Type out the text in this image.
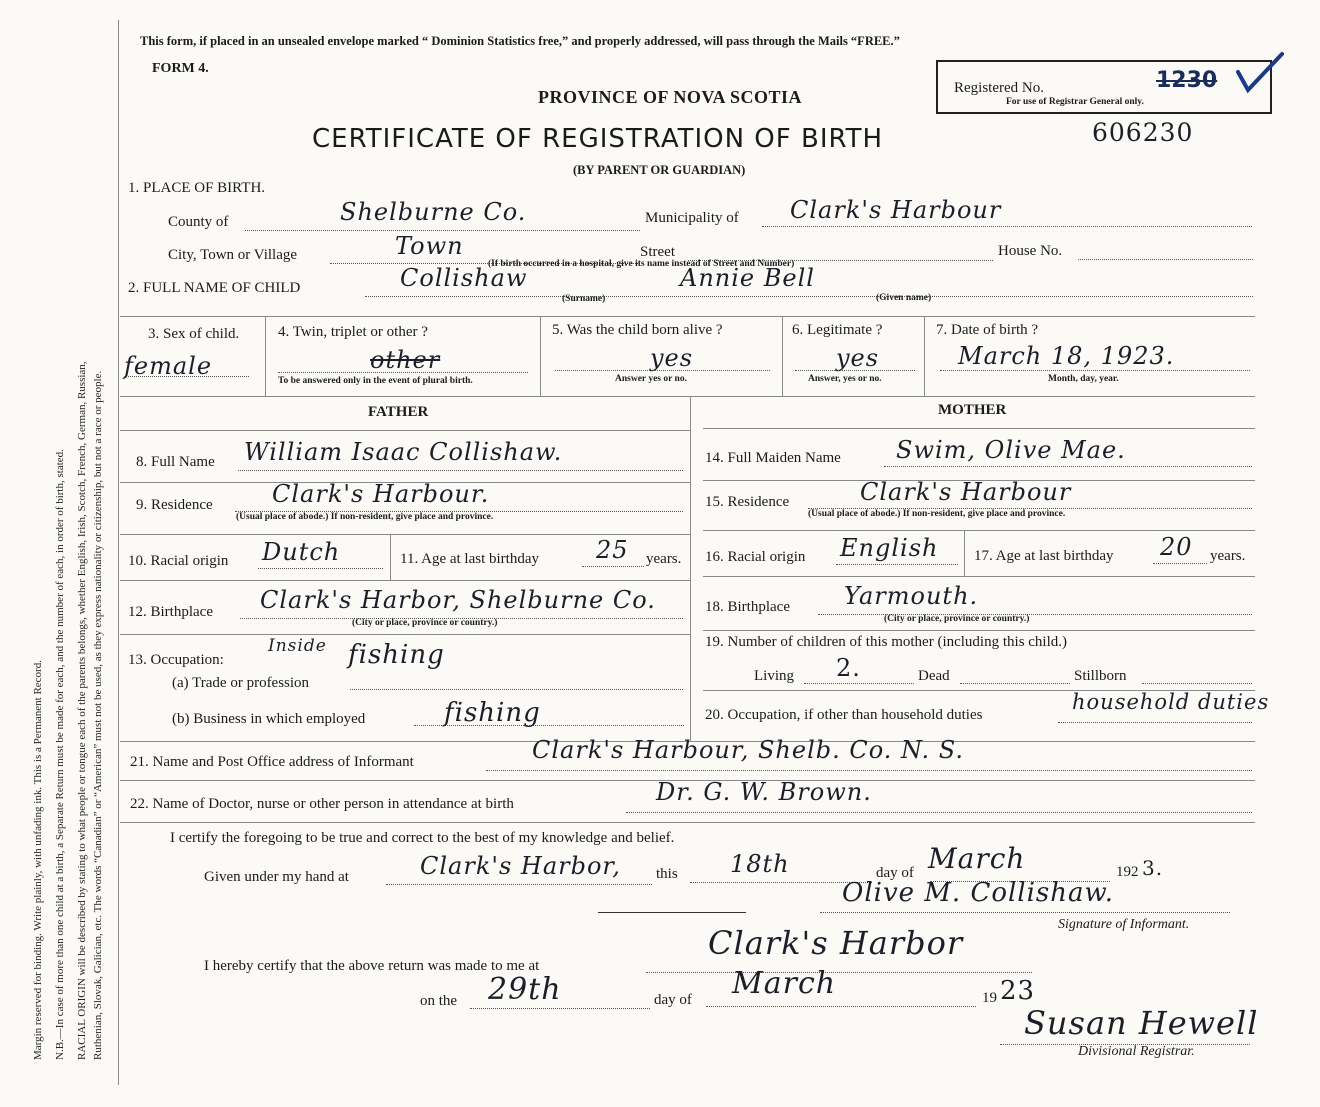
Margin reserved for binding. Write plainly, with unfading ink. This is a Permanent Record. N.B.—In case of more than one child at a birth, a Separate Return must be made for each, and the number of each, in order of birth, stated. RACIAL ORIGIN will be described by stating to what people or tongue each of the parents belongs, whether English, Irish, Scotch, French, German, Russian, Ruthenian, Slovak, Galician, etc. The words “Canadian” or “American” must not be used, as they express nationality or citizenship, but not a race or people.
This form, if placed in an unsealed envelope marked “ Dominion Statistics free,” and properly addressed, will pass through the Mails “FREE.”
FORM 4.
PROVINCE OF NOVA SCOTIA
CERTIFICATE OF REGISTRATION OF BIRTH
(BY PARENT OR GUARDIAN)
606230
Registered No.	1230
For use of Registrar General only.
1. PLACE OF BIRTH.
County of	Shelburne Co.	Municipality of Clark's Harbour
City, Town or Village	Town	Street	House No.
(If birth occurred in a hospital, give its name instead of Street and Number)
2. FULL NAME OF CHILD	Collishaw
(Surname)
Annie Bell
(Given name)
3. Sex of child.
female
4. Twin, triplet or other ?
other
To be answered only in the event of plural birth.
5. Was the child born alive ?
yes
Answer yes or no.
6. Legitimate ?
yes
Answer, yes or no.
7. Date of birth ?
March 18, 1923.
Month, day, year.
FATHER	MOTHER
8. Full Name William Isaac Collishaw.
9. Residence Clark's Harbour.
(Usual place of abode.) If non-resident, give place and province.
10. Racial origin Dutch	11. Age at last birthday 25 years.
12. Birthplace Clark's Harbor, Shelburne Co.
(City or place, province or country.)
13. Occupation:
Inside
(a) Trade or profession
fishing
(b) Business in which employed	fishing
14. Full Maiden Name Swim, Olive Mae.
15. Residence	Clark's Harbour
(Usual place of abode.) If non-resident, give place and province.
16. Racial origin English 17. Age at last birthday 20 years.
18. Birthplace Yarmouth.
(City or place, province or country.)
19. Number of children of this mother (including this child.)
Living 2.	Dead	Stillborn
20. Occupation, if other than household duties
household duties
21. Name and Post Office address of Informant	Clark's Harbour, Shelb. Co. N. S.
22. Name of Doctor, nurse or other person in attendance at birth	Dr. G. W. Brown.
I certify the foregoing to be true and correct to the best of my knowledge and belief.
Given under my hand at	Clark's Harbor, this 18th	day of March	192 3.
Olive M. Collishaw.
Signature of Informant.
I hereby certify that the above return was made to me at
Clark's Harbor
on the 29th	day of March	19 23
Susan Hewell
Divisional Registrar.
